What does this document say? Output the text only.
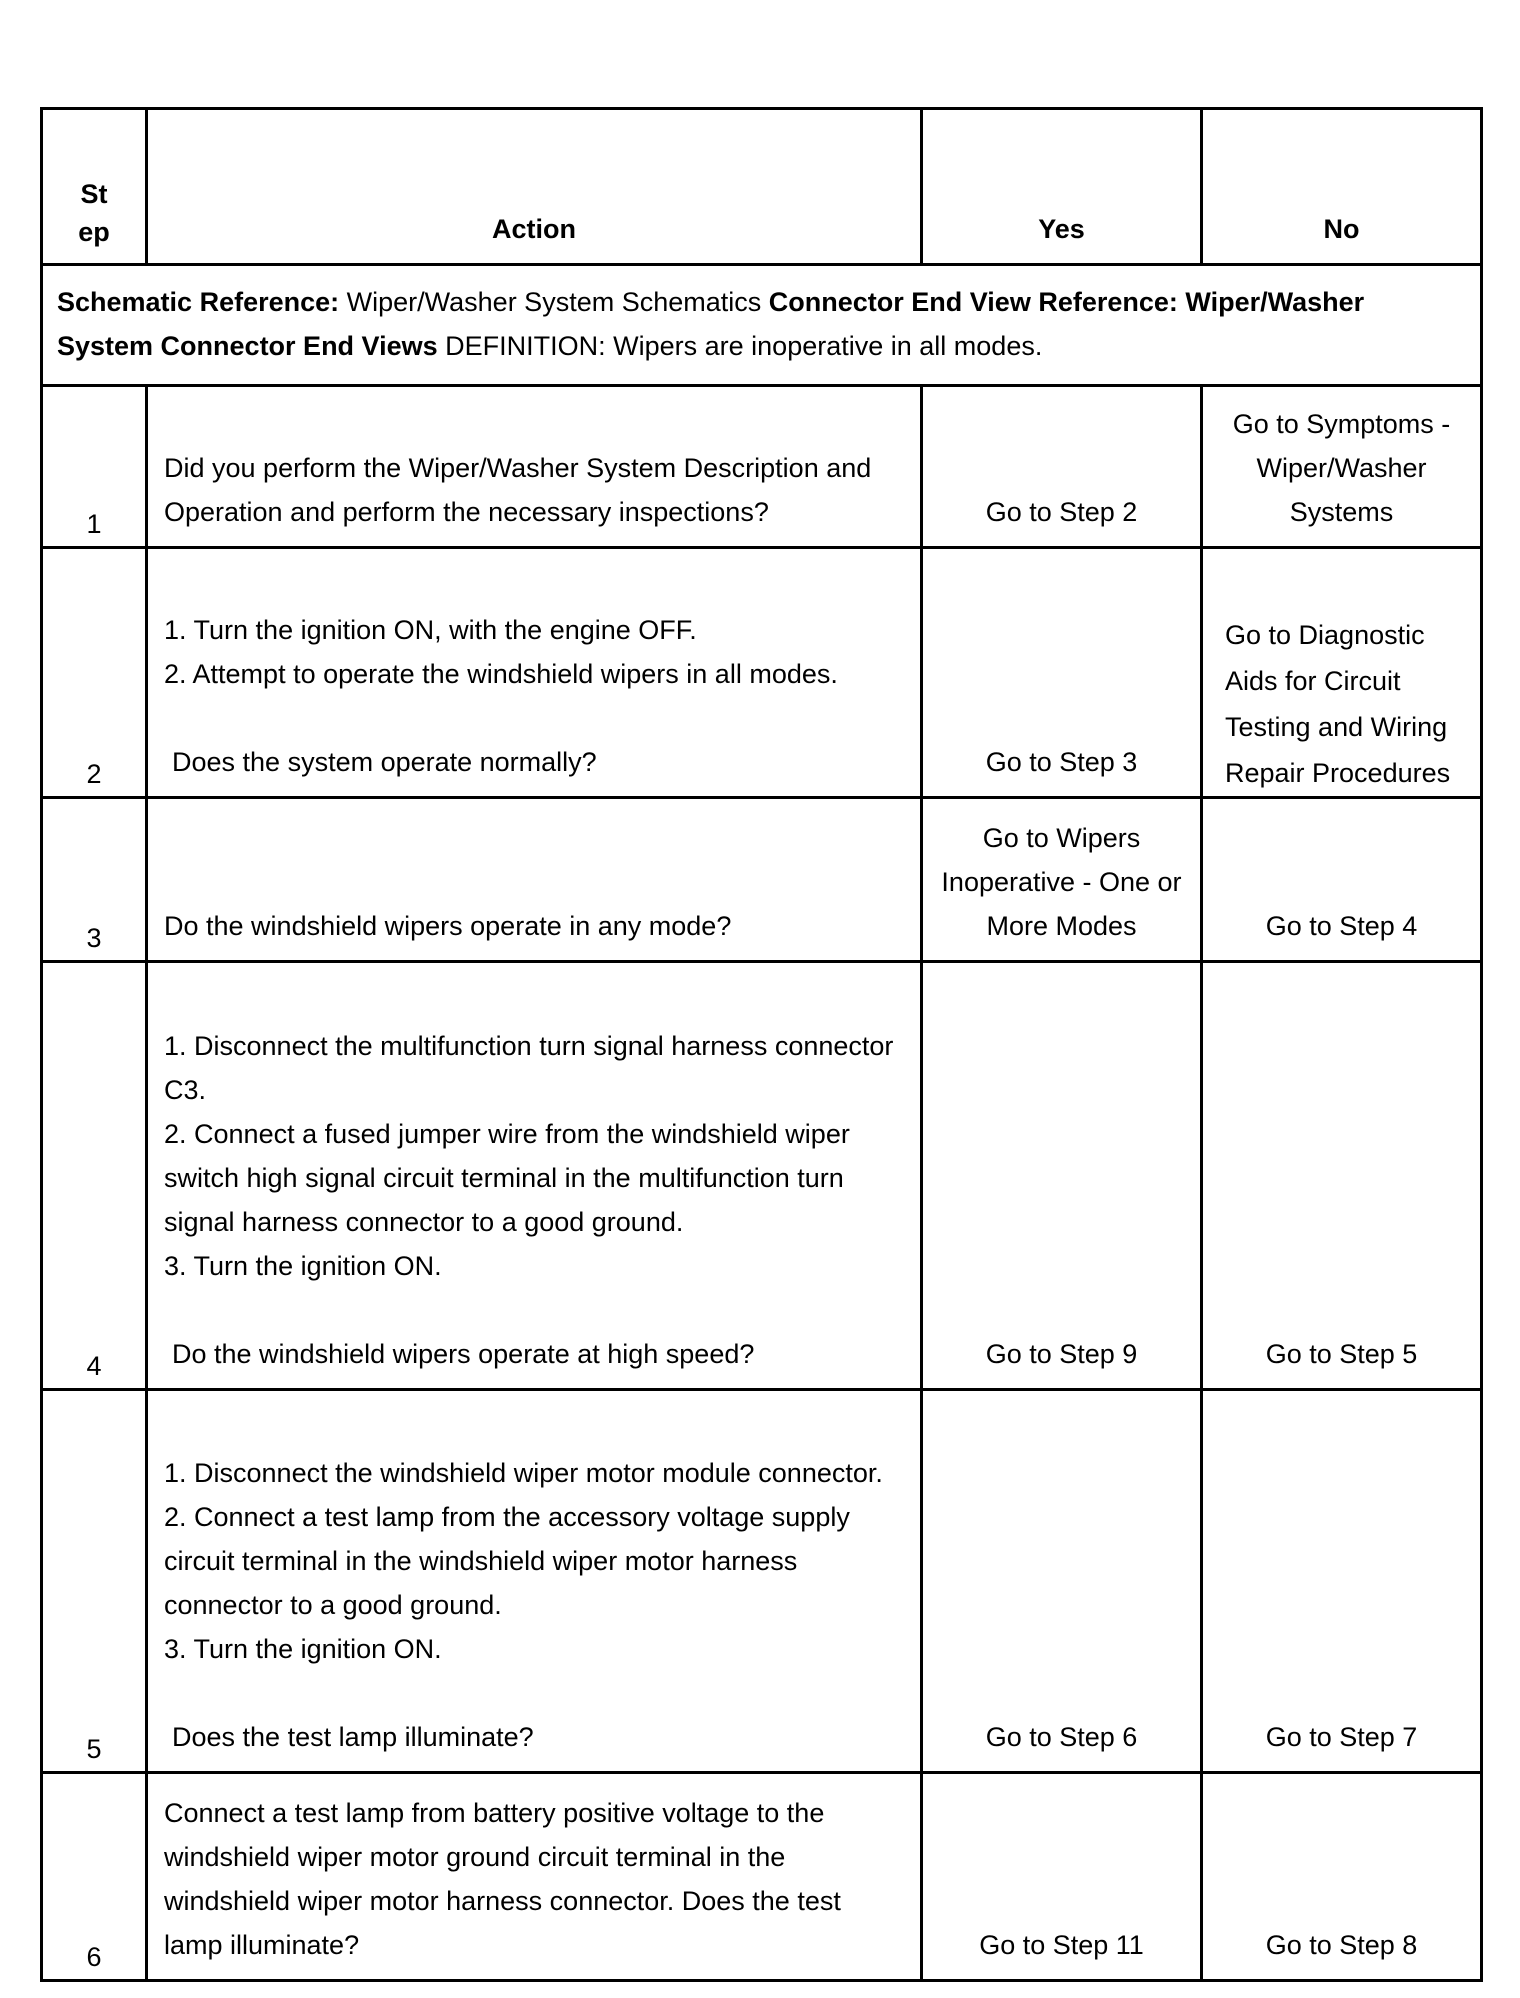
St
ep	Action	Yes	No
Schematic Reference: Wiper/Washer System Schematics Connector End View Reference: Wiper/Washer System Connector End Views DEFINITION: Wipers are inoperative in all modes.			
1	Did you perform the Wiper/Washer System Description and Operation and perform the necessary inspections?	Go to Step 2	Go to Symptoms - Wiper/Washer Systems
2	1. Turn the ignition ON, with the engine OFF.
2. Attempt to operate the windshield wipers in all modes.
Does the system operate normally?	Go to Step 3	Go to Diagnostic Aids for Circuit Testing and Wiring Repair Procedures
3	Do the windshield wipers operate in any mode?	Go to Wipers Inoperative - One or More Modes	Go to Step 4
4	1. Disconnect the multifunction turn signal harness connector C3.
2. Connect a fused jumper wire from the windshield wiper switch high signal circuit terminal in the multifunction turn signal harness connector to a good ground.
3. Turn the ignition ON.
Do the windshield wipers operate at high speed?	Go to Step 9	Go to Step 5
5	1. Disconnect the windshield wiper motor module connector.
2. Connect a test lamp from the accessory voltage supply circuit terminal in the windshield wiper motor harness connector to a good ground.
3. Turn the ignition ON.
Does the test lamp illuminate?	Go to Step 6	Go to Step 7
6	Connect a test lamp from battery positive voltage to the windshield wiper motor ground circuit terminal in the windshield wiper motor harness connector. Does the test lamp illuminate?	Go to Step 11	Go to Step 8
